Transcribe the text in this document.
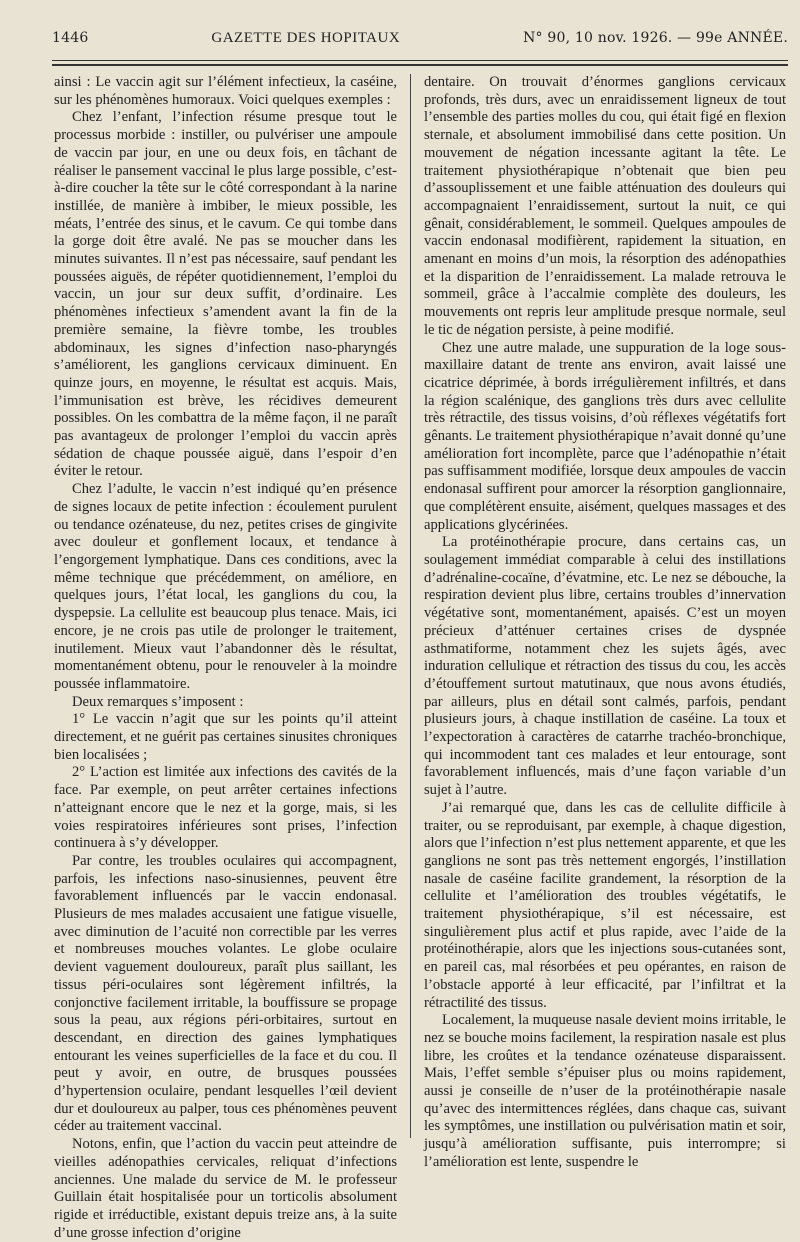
1446	GAZETTE DES HOPITAUX	N° 90, 10 nov. 1926. — 99e ANNÉE.

ainsi : Le vaccin agit sur l’élément infectieux, la caséine, sur les phénomènes humoraux. Voici quelques exemples :

Chez l’enfant, l’infection résume presque tout le processus morbide : instiller, ou pulvériser une ampoule de vaccin par jour, en une ou deux fois, en tâchant de réaliser le pansement vaccinal le plus large possible, c’est-à-dire coucher la tête sur le côté correspondant à la narine instillée, de manière à imbiber, le mieux possible, les méats, l’entrée des sinus, et le cavum. Ce qui tombe dans la gorge doit être avalé. Ne pas se moucher dans les minutes suivantes. Il n’est pas nécessaire, sauf pendant les poussées aiguës, de répéter quotidiennement, l’emploi du vaccin, un jour sur deux suffit, d’ordinaire. Les phénomènes infectieux s’amendent avant la fin de la première semaine, la fièvre tombe, les troubles abdominaux, les signes d’infection naso-pharyngés s’améliorent, les ganglions cervicaux diminuent. En quinze jours, en moyenne, le résultat est acquis. Mais, l’immunisation est brève, les récidives demeurent possibles. On les combattra de la même façon, il ne paraît pas avantageux de prolonger l’emploi du vaccin après sédation de chaque poussée aiguë, dans l’espoir d’en éviter le retour.

Chez l’adulte, le vaccin n’est indiqué qu’en présence de signes locaux de petite infection : écoulement purulent ou tendance ozénateuse, du nez, petites crises de gingivite avec douleur et gonflement locaux, et tendance à l’engorgement lymphatique. Dans ces conditions, avec la même technique que précédemment, on améliore, en quelques jours, l’état local, les ganglions du cou, la dyspepsie. La cellulite est beaucoup plus tenace. Mais, ici encore, je ne crois pas utile de prolonger le traitement, inutilement. Mieux vaut l’abandonner dès le résultat, momentanément obtenu, pour le renouveler à la moindre poussée inflammatoire.

Deux remarques s’imposent :

1° Le vaccin n’agit que sur les points qu’il atteint directement, et ne guérit pas certaines sinusites chroniques bien localisées ;

2° L’action est limitée aux infections des cavités de la face. Par exemple, on peut arrêter certaines infections n’atteignant encore que le nez et la gorge, mais, si les voies respiratoires inférieures sont prises, l’infection continuera à s’y développer.

Par contre, les troubles oculaires qui accompagnent, parfois, les infections naso-sinusiennes, peuvent être favorablement influencés par le vaccin endonasal. Plusieurs de mes malades accusaient une fatigue visuelle, avec diminution de l’acuité non correctible par les verres et nombreuses mouches volantes. Le globe oculaire devient vaguement douloureux, paraît plus saillant, les tissus péri-oculaires sont légèrement infiltrés, la conjonctive facilement irritable, la bouffissure se propage sous la peau, aux régions péri-orbitaires, surtout en descendant, en direction des gaines lymphatiques entourant les veines superficielles de la face et du cou. Il peut y avoir, en outre, de brusques poussées d’hypertension oculaire, pendant lesquelles l’œil devient dur et douloureux au palper, tous ces phénomènes peuvent céder au traitement vaccinal.

Notons, enfin, que l’action du vaccin peut atteindre de vieilles adénopathies cervicales, reliquat d’infections anciennes. Une malade du service de M. le professeur Guillain était hospitalisée pour un torticolis absolument rigide et irréductible, existant depuis treize ans, à la suite d’une grosse infection d’origine

dentaire. On trouvait d’énormes ganglions cervicaux profonds, très durs, avec un enraidissement ligneux de tout l’ensemble des parties molles du cou, qui était figé en flexion sternale, et absolument immobilisé dans cette position. Un mouvement de négation incessante agitant la tête. Le traitement physiothérapique n’obtenait que bien peu d’assouplissement et une faible atténuation des douleurs qui accompagnaient l’enraidissement, surtout la nuit, ce qui gênait, considérablement, le sommeil. Quelques ampoules de vaccin endonasal modifièrent, rapidement la situation, en amenant en moins d’un mois, la résorption des adénopathies et la disparition de l’enraidissement. La malade retrouva le sommeil, grâce à l’accalmie complète des douleurs, les mouvements ont repris leur amplitude presque normale, seul le tic de négation persiste, à peine modifié.

Chez une autre malade, une suppuration de la loge sous-maxillaire datant de trente ans environ, avait laissé une cicatrice déprimée, à bords irrégulièrement infiltrés, et dans la région scalénique, des ganglions très durs avec cellulite très rétractile, des tissus voisins, d’où réflexes végétatifs fort gênants. Le traitement physiothérapique n’avait donné qu’une amélioration fort incomplète, parce que l’adénopathie n’était pas suffisamment modifiée, lorsque deux ampoules de vaccin endonasal suffirent pour amorcer la résorption ganglionnaire, que complétèrent ensuite, aisément, quelques massages et des applications glycérinées.

La protéinothérapie procure, dans certains cas, un soulagement immédiat comparable à celui des instillations d’adrénaline-cocaïne, d’évatmine, etc. Le nez se débouche, la respiration devient plus libre, certains troubles d’innervation végétative sont, momentanément, apaisés. C’est un moyen précieux d’atténuer certaines crises de dyspnée asthmatiforme, notamment chez les sujets âgés, avec induration cellulique et rétraction des tissus du cou, les accès d’étouffement surtout matutinaux, que nous avons étudiés, par ailleurs, plus en détail sont calmés, parfois, pendant plusieurs jours, à chaque instillation de caséine. La toux et l’expectoration à caractères de catarrhe trachéo-bronchique, qui incommodent tant ces malades et leur entourage, sont favorablement influencés, mais d’une façon variable d’un sujet à l’autre.

J’ai remarqué que, dans les cas de cellulite difficile à traiter, ou se reproduisant, par exemple, à chaque digestion, alors que l’infection n’est plus nettement apparente, et que les ganglions ne sont pas très nettement engorgés, l’instillation nasale de caséine facilite grandement, la résorption de la cellulite et l’amélioration des troubles végétatifs, le traitement physiothérapique, s’il est nécessaire, est singulièrement plus actif et plus rapide, avec l’aide de la protéinothérapie, alors que les injections sous-cutanées sont, en pareil cas, mal résorbées et peu opérantes, en raison de l’obstacle apporté à leur efficacité, par l’infiltrat et la rétractilité des tissus.

Localement, la muqueuse nasale devient moins irritable, le nez se bouche moins facilement, la respiration nasale est plus libre, les croûtes et la tendance ozénateuse disparaissent. Mais, l’effet semble s’épuiser plus ou moins rapidement, aussi je conseille de n’user de la protéinothérapie nasale qu’avec des intermittences réglées, dans chaque cas, suivant les symptômes, une instillation ou pulvérisation matin et soir, jusqu’à amélioration suffisante, puis interrompre; si l’amélioration est lente, suspendre le
